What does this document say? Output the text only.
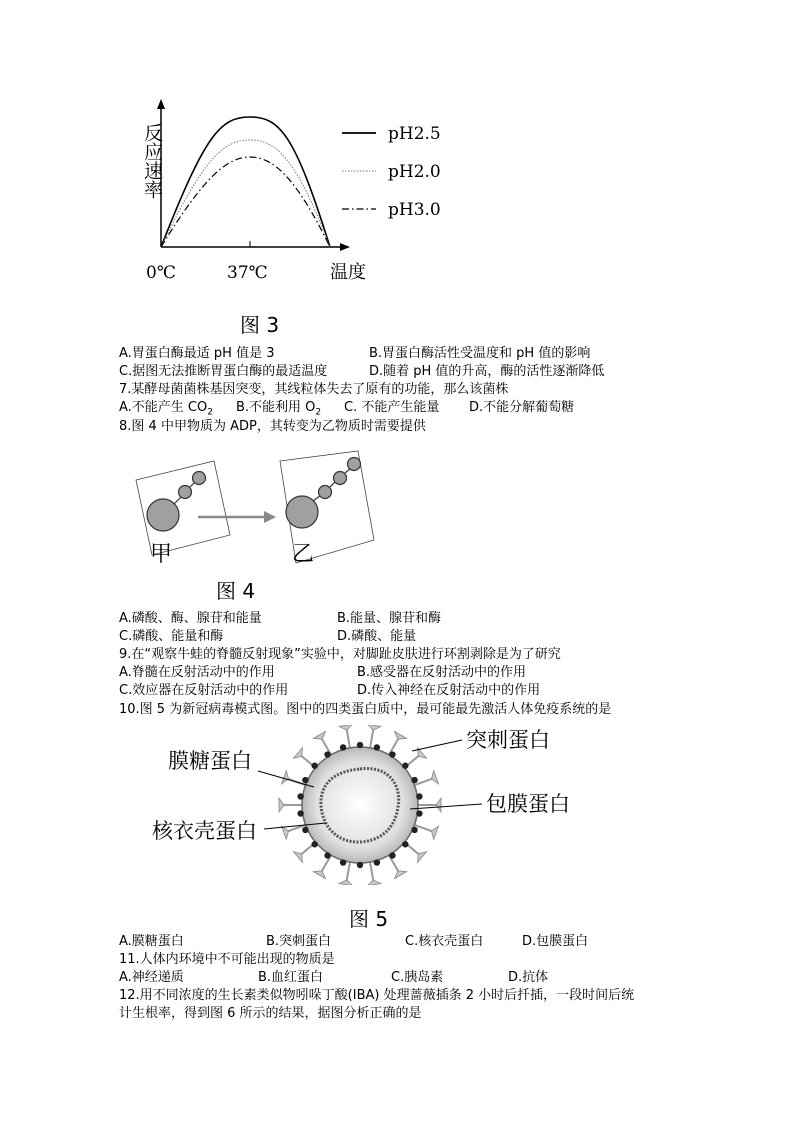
反应速率
0℃	37℃	温度
pH2.5
pH2.0
pH3.0
图 3
A.胃蛋白酶最适 pH 值是 3	B.胃蛋白酶活性受温度和 pH 值的影响
C.据图无法推断胃蛋白酶的最适温度	D.随着 pH 值的升高，酶的活性逐渐降低
7.某酵母菌菌株基因突变，其线粒体失去了原有的功能，那么该菌株
A.不能产生 $CO_2$ B.不能利用 $O_2$ C. 不能产生能量 D.不能分解葡萄糖
8.图 4 中甲物质为 ADP，其转变为乙物质时需要提供
甲	乙
图 4
A.磷酸、酶、腺苷和能量	B.能量、腺苷和酶
C.磷酸、能量和酶	D.磷酸、能量
9.在“观察牛蛙的脊髓反射现象”实验中，对脚趾皮肤进行环割剥除是为了研究
A.脊髓在反射活动中的作用	B.感受器在反射活动中的作用
C.效应器在反射活动中的作用	D.传入神经在反射活动中的作用
10.图 5 为新冠病毒模式图。图中的四类蛋白质中，最可能最先激活人体免疫系统的是
膜糖蛋白
突刺蛋白
包膜蛋白
核衣壳蛋白
图 5
A.膜糖蛋白	B.突刺蛋白	C.核衣壳蛋白	D.包膜蛋白
11.人体内环境中不可能出现的物质是
A.神经递质	B.血红蛋白	C.胰岛素	D.抗体
12.用不同浓度的生长素类似物吲哚丁酸(IBA) 处理蔷薇插条 2 小时后扦插，一段时间后统
计生根率，得到图 6 所示的结果，据图分析正确的是
